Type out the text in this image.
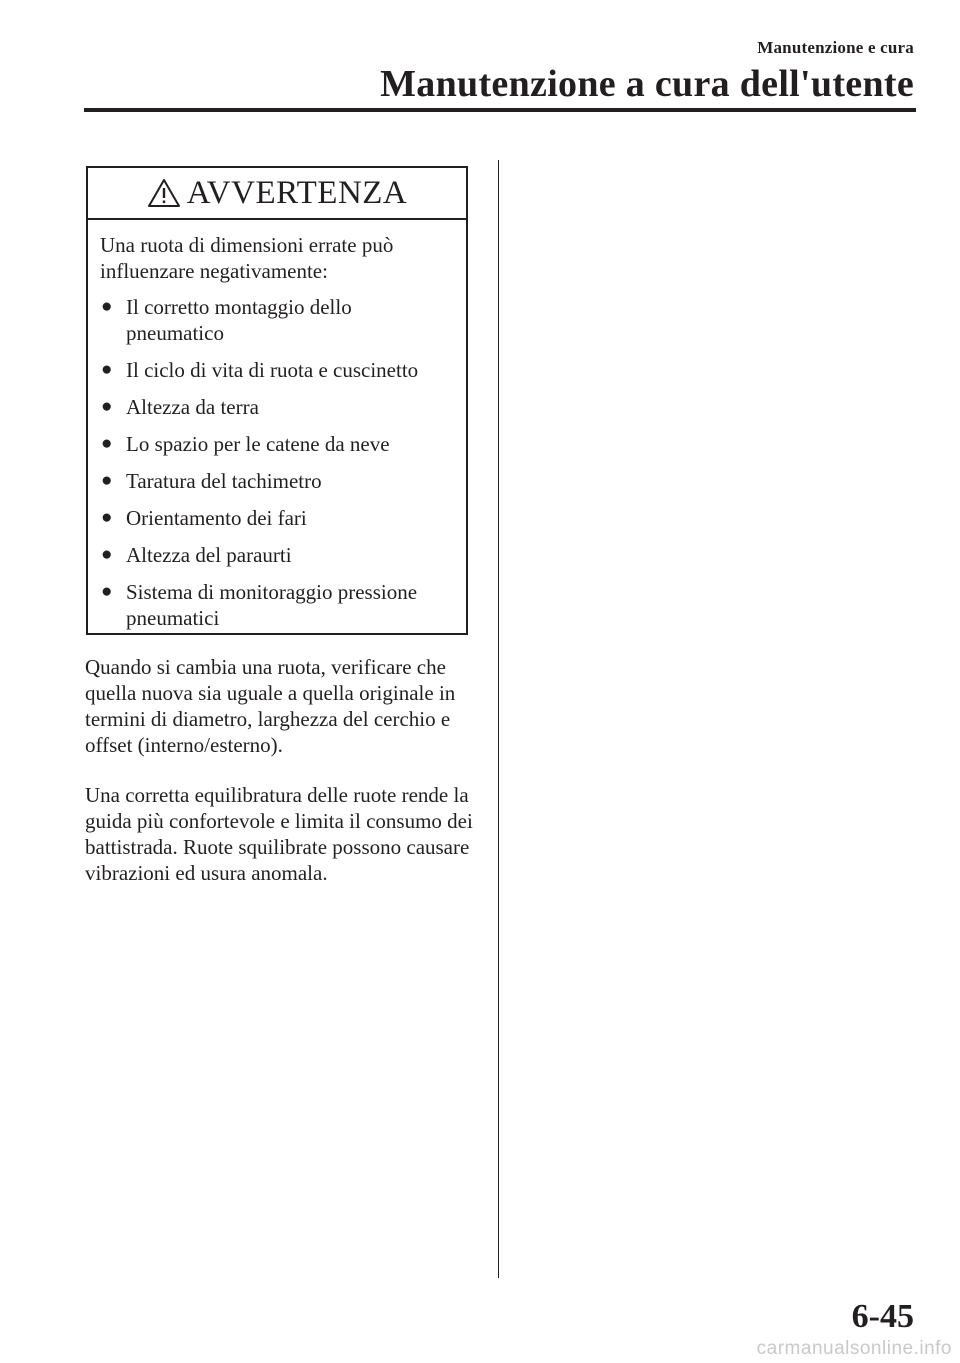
Manutenzione e cura
Manutenzione a cura dell'utente
AVVERTENZA
Una ruota di dimensioni errate può influenzare negativamente:
● Il corretto montaggio dello pneumatico
● Il ciclo di vita di ruota e cuscinetto
● Altezza da terra
● Lo spazio per le catene da neve
● Taratura del tachimetro
● Orientamento dei fari
● Altezza del paraurti
● Sistema di monitoraggio pressione pneumatici

Quando si cambia una ruota, verificare che quella nuova sia uguale a quella originale in termini di diametro, larghezza del cerchio e offset (interno/esterno).

Una corretta equilibratura delle ruote rende la guida più confortevole e limita il consumo dei battistrada. Ruote squilibrate possono causare vibrazioni ed usura anomala.

6-45
carmanualsonline.info
